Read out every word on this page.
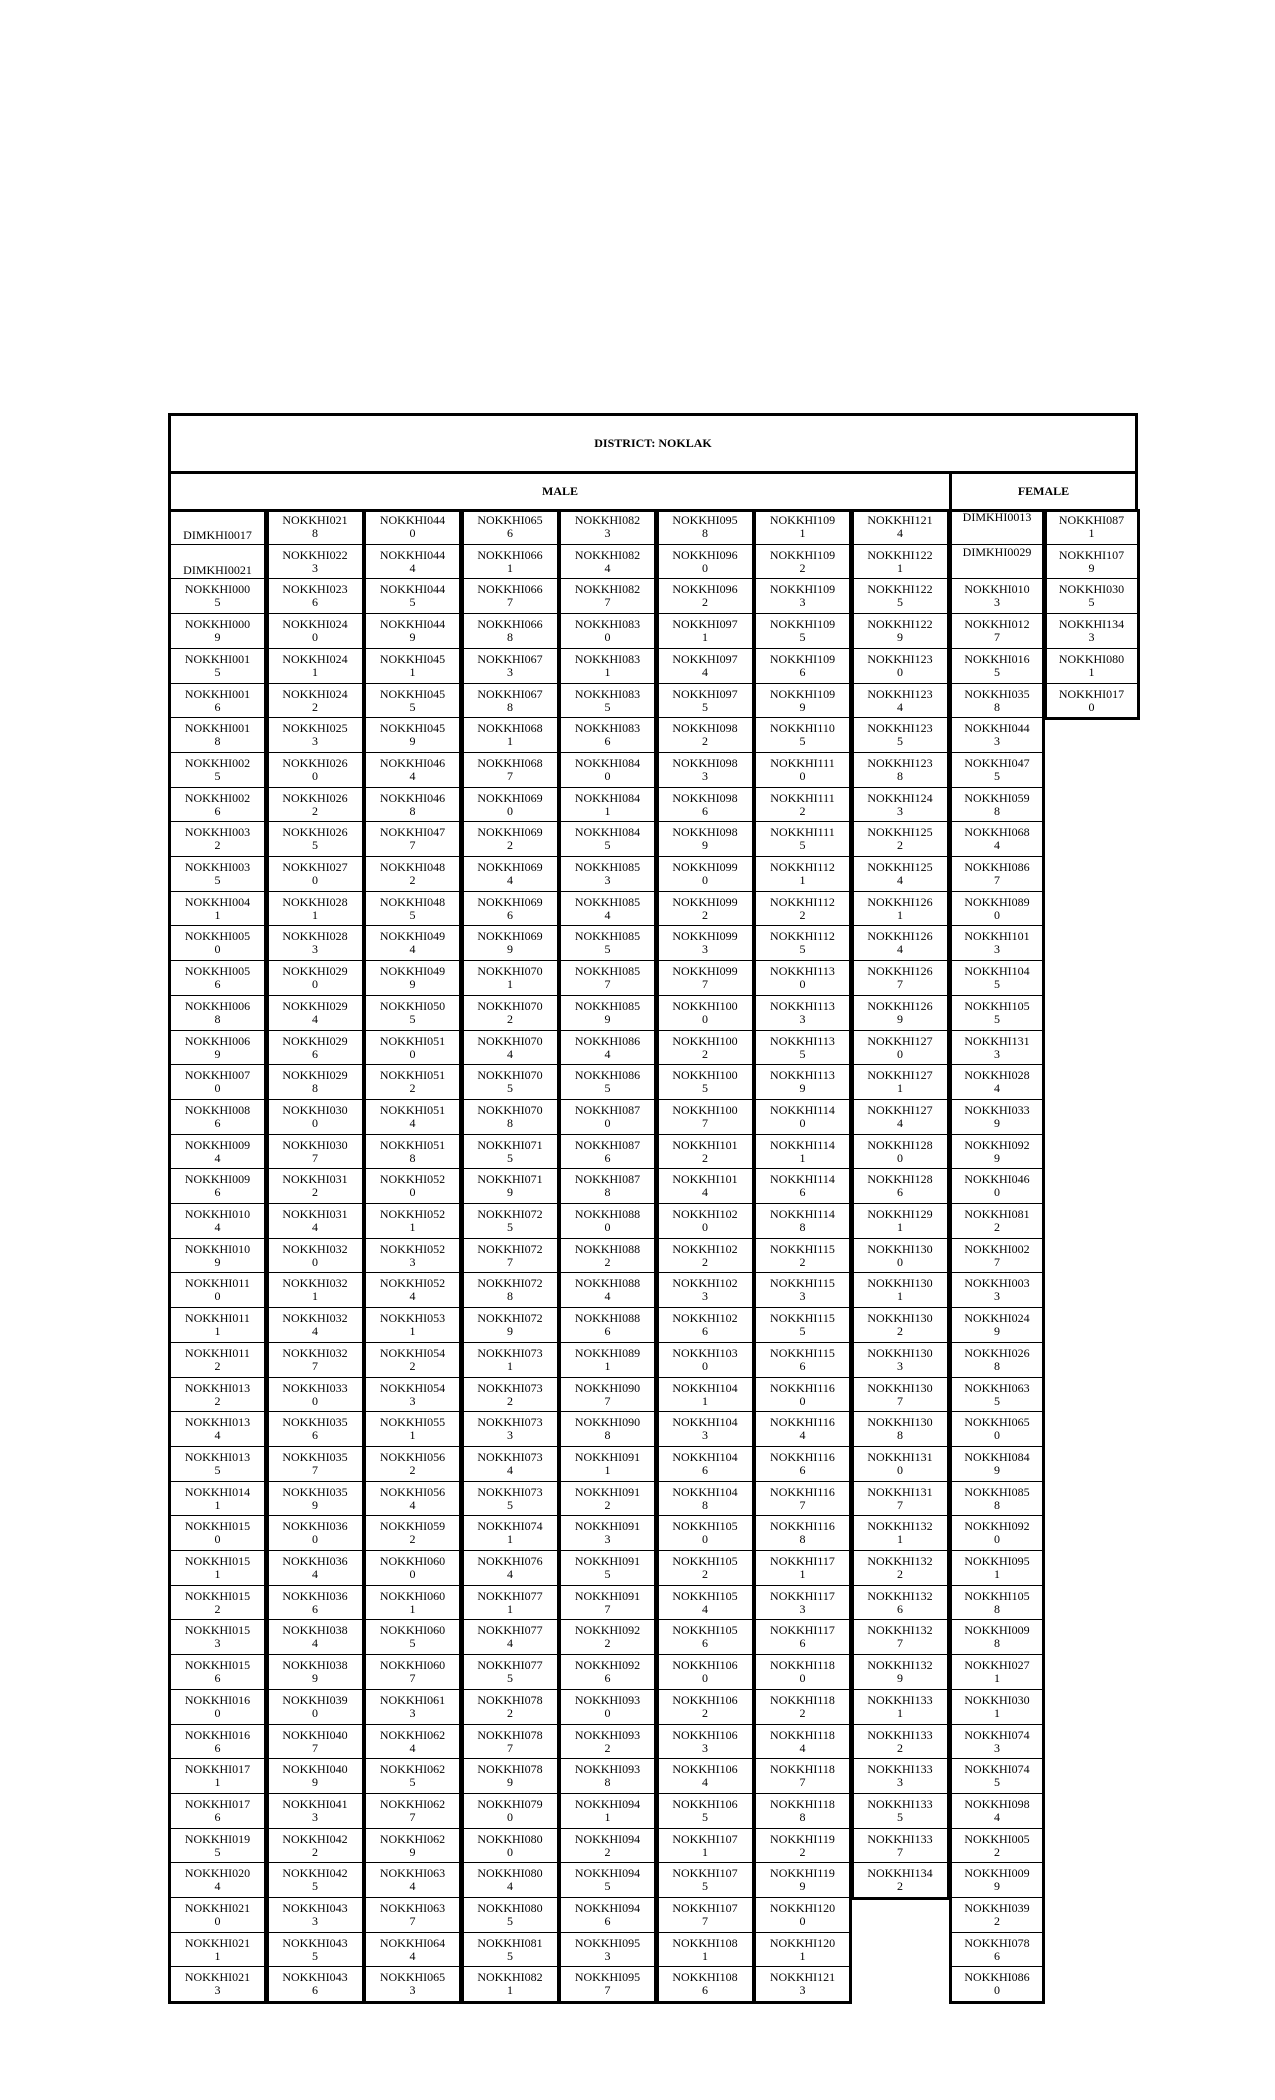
DISTRICT: NOKLAK
MALE	FEMALE
DIMKHI0017
DIMKHI0021
NOKKHI000
5
NOKKHI000
9
NOKKHI001
5
NOKKHI001
6
NOKKHI001
8
NOKKHI002
5
NOKKHI002
6
NOKKHI003
2
NOKKHI003
5
NOKKHI004
1
NOKKHI005
0
NOKKHI005
6
NOKKHI006
8
NOKKHI006
9
NOKKHI007
0
NOKKHI008
6
NOKKHI009
4
NOKKHI009
6
NOKKHI010
4
NOKKHI010
9
NOKKHI011
0
NOKKHI011
1
NOKKHI011
2
NOKKHI013
2
NOKKHI013
4
NOKKHI013
5
NOKKHI014
1
NOKKHI015
0
NOKKHI015
1
NOKKHI015
2
NOKKHI015
3
NOKKHI015
6
NOKKHI016
0
NOKKHI016
6
NOKKHI017
1
NOKKHI017
6
NOKKHI019
5
NOKKHI020
4
NOKKHI021
0
NOKKHI021
1
NOKKHI021
3
NOKKHI021
8
NOKKHI022
3
NOKKHI023
6
NOKKHI024
0
NOKKHI024
1
NOKKHI024
2
NOKKHI025
3
NOKKHI026
0
NOKKHI026
2
NOKKHI026
5
NOKKHI027
0
NOKKHI028
1
NOKKHI028
3
NOKKHI029
0
NOKKHI029
4
NOKKHI029
6
NOKKHI029
8
NOKKHI030
0
NOKKHI030
7
NOKKHI031
2
NOKKHI031
4
NOKKHI032
0
NOKKHI032
1
NOKKHI032
4
NOKKHI032
7
NOKKHI033
0
NOKKHI035
6
NOKKHI035
7
NOKKHI035
9
NOKKHI036
0
NOKKHI036
4
NOKKHI036
6
NOKKHI038
4
NOKKHI038
9
NOKKHI039
0
NOKKHI040
7
NOKKHI040
9
NOKKHI041
3
NOKKHI042
2
NOKKHI042
5
NOKKHI043
3
NOKKHI043
5
NOKKHI043
6
NOKKHI044
0
NOKKHI044
4
NOKKHI044
5
NOKKHI044
9
NOKKHI045
1
NOKKHI045
5
NOKKHI045
9
NOKKHI046
4
NOKKHI046
8
NOKKHI047
7
NOKKHI048
2
NOKKHI048
5
NOKKHI049
4
NOKKHI049
9
NOKKHI050
5
NOKKHI051
0
NOKKHI051
2
NOKKHI051
4
NOKKHI051
8
NOKKHI052
0
NOKKHI052
1
NOKKHI052
3
NOKKHI052
4
NOKKHI053
1
NOKKHI054
2
NOKKHI054
3
NOKKHI055
1
NOKKHI056
2
NOKKHI056
4
NOKKHI059
2
NOKKHI060
0
NOKKHI060
1
NOKKHI060
5
NOKKHI060
7
NOKKHI061
3
NOKKHI062
4
NOKKHI062
5
NOKKHI062
7
NOKKHI062
9
NOKKHI063
4
NOKKHI063
7
NOKKHI064
4
NOKKHI065
3
NOKKHI065
6
NOKKHI066
1
NOKKHI066
7
NOKKHI066
8
NOKKHI067
3
NOKKHI067
8
NOKKHI068
1
NOKKHI068
7
NOKKHI069
0
NOKKHI069
2
NOKKHI069
4
NOKKHI069
6
NOKKHI069
9
NOKKHI070
1
NOKKHI070
2
NOKKHI070
4
NOKKHI070
5
NOKKHI070
8
NOKKHI071
5
NOKKHI071
9
NOKKHI072
5
NOKKHI072
7
NOKKHI072
8
NOKKHI072
9
NOKKHI073
1
NOKKHI073
2
NOKKHI073
3
NOKKHI073
4
NOKKHI073
5
NOKKHI074
1
NOKKHI076
4
NOKKHI077
1
NOKKHI077
4
NOKKHI077
5
NOKKHI078
2
NOKKHI078
7
NOKKHI078
9
NOKKHI079
0
NOKKHI080
0
NOKKHI080
4
NOKKHI080
5
NOKKHI081
5
NOKKHI082
1
NOKKHI082
3
NOKKHI082
4
NOKKHI082
7
NOKKHI083
0
NOKKHI083
1
NOKKHI083
5
NOKKHI083
6
NOKKHI084
0
NOKKHI084
1
NOKKHI084
5
NOKKHI085
3
NOKKHI085
4
NOKKHI085
5
NOKKHI085
7
NOKKHI085
9
NOKKHI086
4
NOKKHI086
5
NOKKHI087
0
NOKKHI087
6
NOKKHI087
8
NOKKHI088
0
NOKKHI088
2
NOKKHI088
4
NOKKHI088
6
NOKKHI089
1
NOKKHI090
7
NOKKHI090
8
NOKKHI091
1
NOKKHI091
2
NOKKHI091
3
NOKKHI091
5
NOKKHI091
7
NOKKHI092
2
NOKKHI092
6
NOKKHI093
0
NOKKHI093
2
NOKKHI093
8
NOKKHI094
1
NOKKHI094
2
NOKKHI094
5
NOKKHI094
6
NOKKHI095
3
NOKKHI095
7
NOKKHI095
8
NOKKHI096
0
NOKKHI096
2
NOKKHI097
1
NOKKHI097
4
NOKKHI097
5
NOKKHI098
2
NOKKHI098
3
NOKKHI098
6
NOKKHI098
9
NOKKHI099
0
NOKKHI099
2
NOKKHI099
3
NOKKHI099
7
NOKKHI100
0
NOKKHI100
2
NOKKHI100
5
NOKKHI100
7
NOKKHI101
2
NOKKHI101
4
NOKKHI102
0
NOKKHI102
2
NOKKHI102
3
NOKKHI102
6
NOKKHI103
0
NOKKHI104
1
NOKKHI104
3
NOKKHI104
6
NOKKHI104
8
NOKKHI105
0
NOKKHI105
2
NOKKHI105
4
NOKKHI105
6
NOKKHI106
0
NOKKHI106
2
NOKKHI106
3
NOKKHI106
4
NOKKHI106
5
NOKKHI107
1
NOKKHI107
5
NOKKHI107
7
NOKKHI108
1
NOKKHI108
6
NOKKHI109
1
NOKKHI109
2
NOKKHI109
3
NOKKHI109
5
NOKKHI109
6
NOKKHI109
9
NOKKHI110
5
NOKKHI111
0
NOKKHI111
2
NOKKHI111
5
NOKKHI112
1
NOKKHI112
2
NOKKHI112
5
NOKKHI113
0
NOKKHI113
3
NOKKHI113
5
NOKKHI113
9
NOKKHI114
0
NOKKHI114
1
NOKKHI114
6
NOKKHI114
8
NOKKHI115
2
NOKKHI115
3
NOKKHI115
5
NOKKHI115
6
NOKKHI116
0
NOKKHI116
4
NOKKHI116
6
NOKKHI116
7
NOKKHI116
8
NOKKHI117
1
NOKKHI117
3
NOKKHI117
6
NOKKHI118
0
NOKKHI118
2
NOKKHI118
4
NOKKHI118
7
NOKKHI118
8
NOKKHI119
2
NOKKHI119
9
NOKKHI120
0
NOKKHI120
1
NOKKHI121
3
NOKKHI121
4
NOKKHI122
1
NOKKHI122
5
NOKKHI122
9
NOKKHI123
0
NOKKHI123
4
NOKKHI123
5
NOKKHI123
8
NOKKHI124
3
NOKKHI125
2
NOKKHI125
4
NOKKHI126
1
NOKKHI126
4
NOKKHI126
7
NOKKHI126
9
NOKKHI127
0
NOKKHI127
1
NOKKHI127
4
NOKKHI128
0
NOKKHI128
6
NOKKHI129
1
NOKKHI130
0
NOKKHI130
1
NOKKHI130
2
NOKKHI130
3
NOKKHI130
7
NOKKHI130
8
NOKKHI131
0
NOKKHI131
7
NOKKHI132
1
NOKKHI132
2
NOKKHI132
6
NOKKHI132
7
NOKKHI132
9
NOKKHI133
1
NOKKHI133
2
NOKKHI133
3
NOKKHI133
5
NOKKHI133
7
NOKKHI134
2
DIMKHI0013
DIMKHI0029
NOKKHI010
3
NOKKHI012
7
NOKKHI016
5
NOKKHI035
8
NOKKHI044
3
NOKKHI047
5
NOKKHI059
8
NOKKHI068
4
NOKKHI086
7
NOKKHI089
0
NOKKHI101
3
NOKKHI104
5
NOKKHI105
5
NOKKHI131
3
NOKKHI028
4
NOKKHI033
9
NOKKHI092
9
NOKKHI046
0
NOKKHI081
2
NOKKHI002
7
NOKKHI003
3
NOKKHI024
9
NOKKHI026
8
NOKKHI063
5
NOKKHI065
0
NOKKHI084
9
NOKKHI085
8
NOKKHI092
0
NOKKHI095
1
NOKKHI105
8
NOKKHI009
8
NOKKHI027
1
NOKKHI030
1
NOKKHI074
3
NOKKHI074
5
NOKKHI098
4
NOKKHI005
2
NOKKHI009
9
NOKKHI039
2
NOKKHI078
6
NOKKHI086
0
NOKKHI087
1
NOKKHI107
9
NOKKHI030
5
NOKKHI134
3
NOKKHI080
1
NOKKHI017
0
